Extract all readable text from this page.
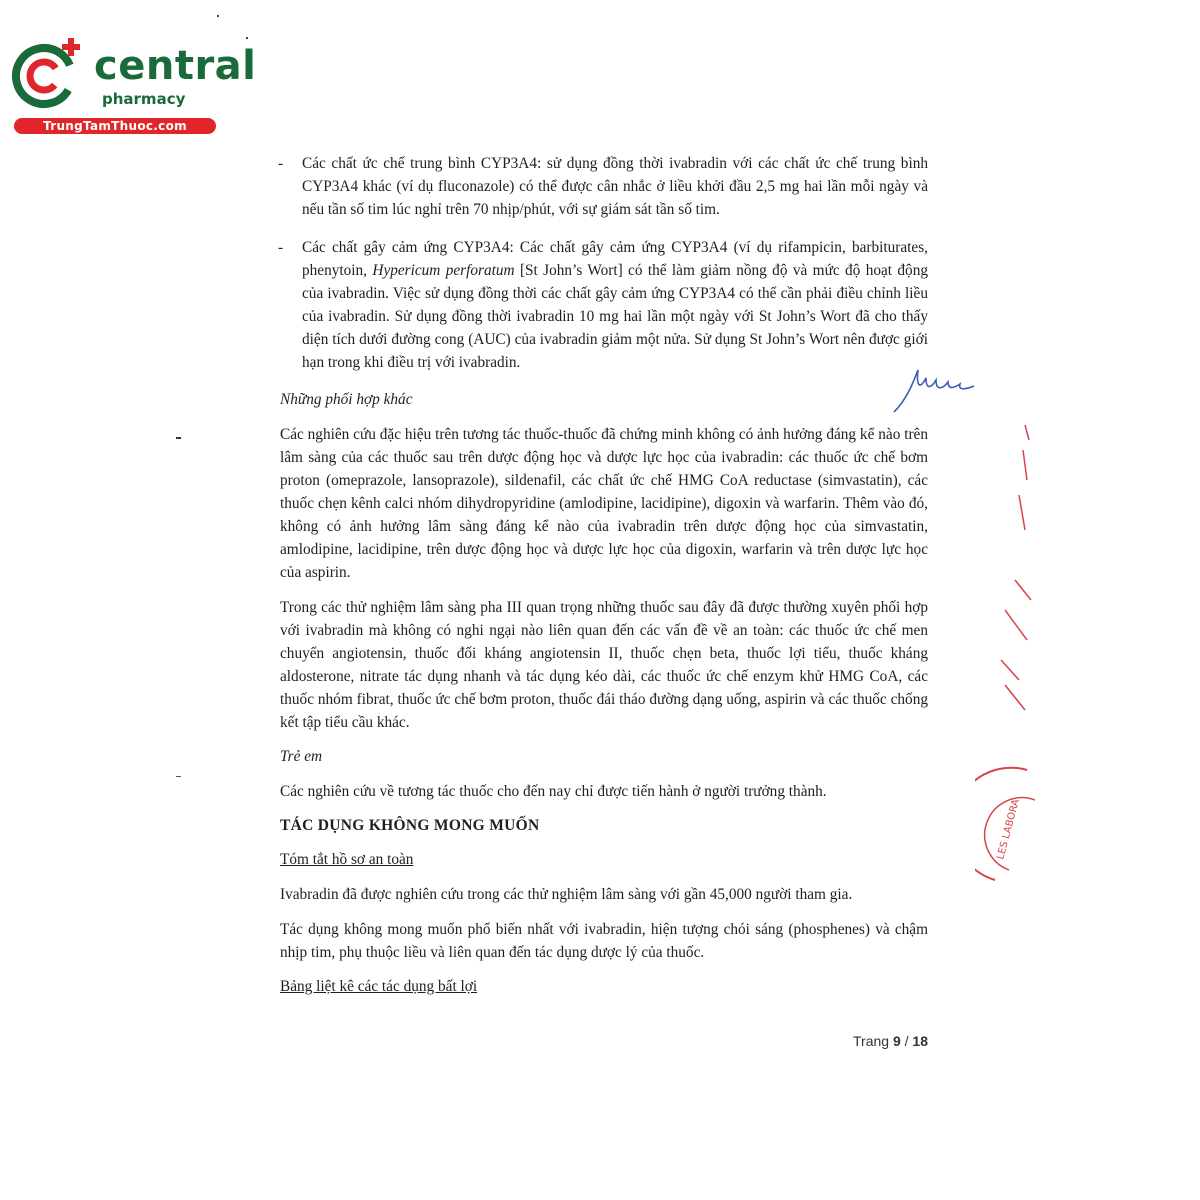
central
pharmacy
TrungTamThuoc.com
LES LABORA
- Các chất ức chế trung bình CYP3A4: sử dụng đồng thời ivabradin với các chất ức chế trung bình CYP3A4 khác (ví dụ fluconazole) có thể được cân nhắc ở liều khởi đầu 2,5 mg hai lần mỗi ngày và nếu tần số tim lúc nghỉ trên 70 nhịp/phút, với sự giám sát tần số tim.
- Các chất gây cảm ứng CYP3A4: Các chất gây cảm ứng CYP3A4 (ví dụ rifampicin, barbiturates, phenytoin, Hypericum perforatum [St John’s Wort] có thể làm giảm nồng độ và mức độ hoạt động của ivabradin. Việc sử dụng đồng thời các chất gây cảm ứng CYP3A4 có thể cần phải điều chỉnh liều của ivabradin. Sử dụng đồng thời ivabradin 10 mg hai lần một ngày với St John’s Wort đã cho thấy diện tích dưới đường cong (AUC) của ivabradin giảm một nửa. Sử dụng St John’s Wort nên được giới hạn trong khi điều trị với ivabradin.
Những phối hợp khác

Các nghiên cứu đặc hiệu trên tương tác thuốc-thuốc đã chứng minh không có ảnh hưởng đáng kể nào trên lâm sàng của các thuốc sau trên dược động học và dược lực học của ivabradin: các thuốc ức chế bơm proton (omeprazole, lansoprazole), sildenafil, các chất ức chế HMG CoA reductase (simvastatin), các thuốc chẹn kênh calci nhóm dihydropyridine (amlodipine, lacidipine), digoxin và warfarin. Thêm vào đó, không có ảnh hưởng lâm sàng đáng kể nào của ivabradin trên dược động học của simvastatin, amlodipine, lacidipine, trên dược động học và dược lực học của digoxin, warfarin và trên dược lực học của aspirin.

Trong các thử nghiệm lâm sàng pha III quan trọng những thuốc sau đây đã được thường xuyên phối hợp với ivabradin mà không có nghi ngại nào liên quan đến các vấn đề về an toàn: các thuốc ức chế men chuyển angiotensin, thuốc đối kháng angiotensin II, thuốc chẹn beta, thuốc lợi tiểu, thuốc kháng aldosterone, nitrate tác dụng nhanh và tác dụng kéo dài, các thuốc ức chế enzym khử HMG CoA, các thuốc nhóm fibrat, thuốc ức chế bơm proton, thuốc đái tháo đường dạng uống, aspirin và các thuốc chống kết tập tiểu cầu khác.

Trẻ em

Các nghiên cứu về tương tác thuốc cho đến nay chỉ được tiến hành ở người trưởng thành.

TÁC DỤNG KHÔNG MONG MUỐN
Tóm tắt hồ sơ an toàn

Ivabradin đã được nghiên cứu trong các thử nghiệm lâm sàng với gần 45,000 người tham gia.

Tác dụng không mong muốn phổ biến nhất với ivabradin, hiện tượng chói sáng (phosphenes) và chậm nhịp tim, phụ thuộc liều và liên quan đến tác dụng dược lý của thuốc.

Bảng liệt kê các tác dụng bất lợi
Trang 9 / 18
